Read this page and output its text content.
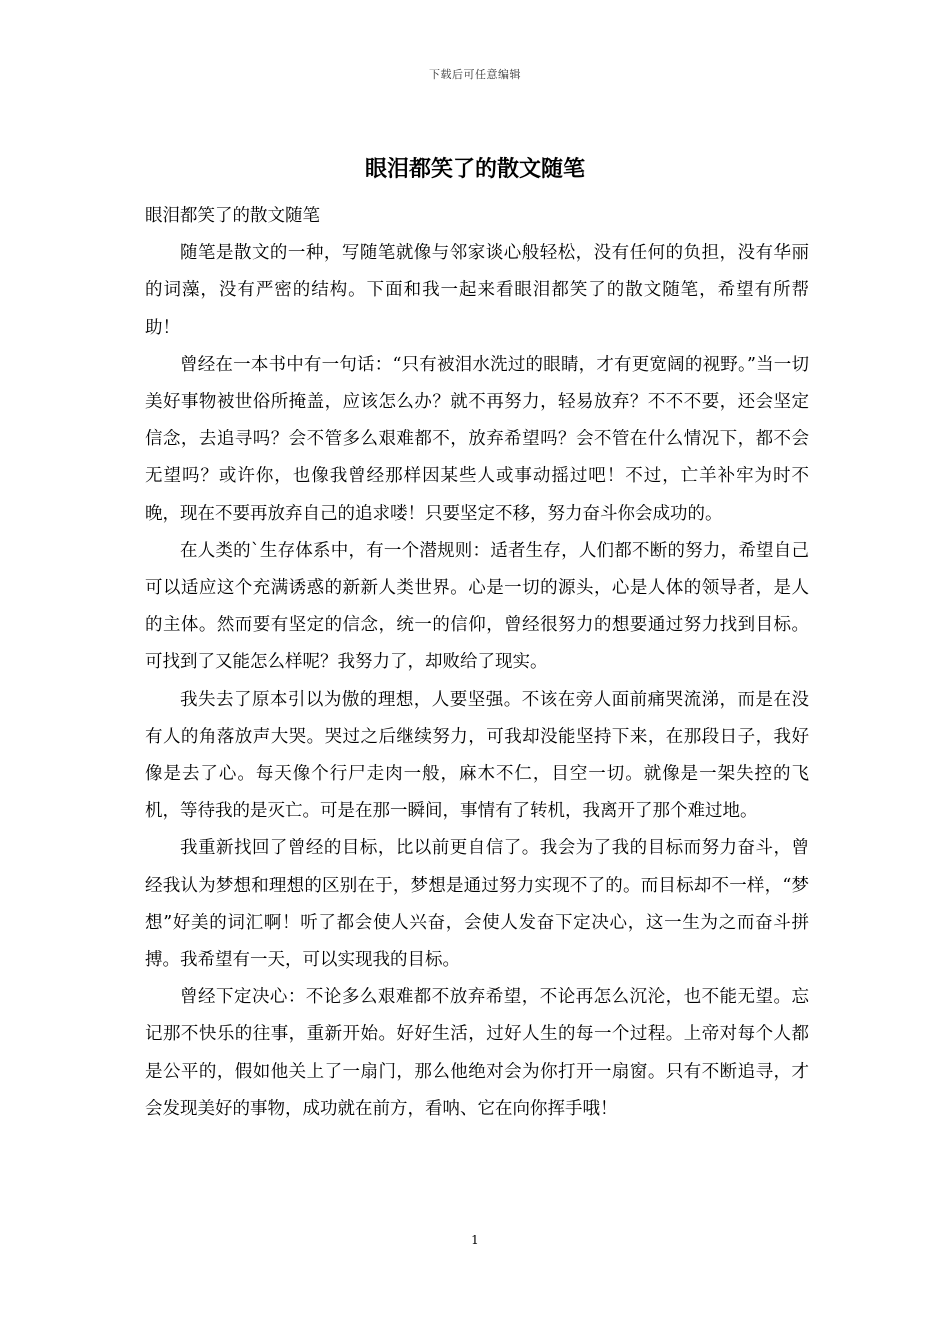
下载后可任意编辑
眼泪都笑了的散文随笔

眼泪都笑了的散文随笔

随笔是散文的一种，写随笔就像与邻家谈心般轻松，没有任何的负担，没有华丽的词藻，没有严密的结构。下面和我一起来看眼泪都笑了的散文随笔，希望有所帮助！

曾经在一本书中有一句话：“只有被泪水洗过的眼睛，才有更宽阔的视野。”当一切美好事物被世俗所掩盖，应该怎么办？就不再努力，轻易放弃？不不不要，还会坚定信念，去追寻吗？会不管多么艰难都不，放弃希望吗？会不管在什么情况下，都不会无望吗？或许你，也像我曾经那样因某些人或事动摇过吧！不过，亡羊补牢为时不晚，现在不要再放弃自己的追求喽！只要坚定不移，努力奋斗你会成功的。

在人类的`生存体系中，有一个潜规则：适者生存，人们都不断的努力，希望自己可以适应这个充满诱惑的新新人类世界。心是一切的源头，心是人体的领导者，是人的主体。然而要有坚定的信念，统一的信仰，曾经很努力的想要通过努力找到目标。可找到了又能怎么样呢？我努力了，却败给了现实。

我失去了原本引以为傲的理想，人要坚强。不该在旁人面前痛哭流涕，而是在没有人的角落放声大哭。哭过之后继续努力，可我却没能坚持下来，在那段日子，我好像是去了心。每天像个行尸走肉一般，麻木不仁，目空一切。就像是一架失控的飞机，等待我的是灭亡。可是在那一瞬间，事情有了转机，我离开了那个难过地。

我重新找回了曾经的目标，比以前更自信了。我会为了我的目标而努力奋斗，曾经我认为梦想和理想的区别在于，梦想是通过努力实现不了的。而目标却不一样，“梦想”好美的词汇啊！听了都会使人兴奋，会使人发奋下定决心，这一生为之而奋斗拼搏。我希望有一天，可以实现我的目标。

曾经下定决心：不论多么艰难都不放弃希望，不论再怎么沉沦，也不能无望。忘记那不快乐的往事，重新开始。好好生活，过好人生的每一个过程。上帝对每个人都是公平的，假如他关上了一扇门，那么他绝对会为你打开一扇窗。只有不断追寻，才会发现美好的事物，成功就在前方，看呐、它在向你挥手哦！

1
